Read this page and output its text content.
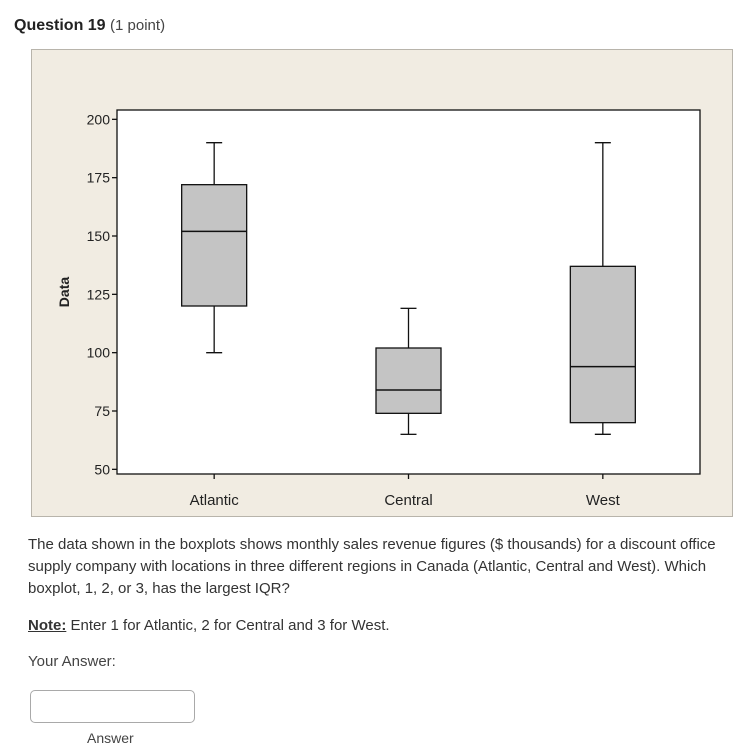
Question 19 (1 point)
50
75
100
125
150
175
200
Data
Atlantic	Central	West
The data shown in the boxplots shows monthly sales revenue figures ($ thousands) for a discount office supply company with locations in three different regions in Canada (Atlantic, Central and West). Which boxplot, 1, 2, or 3, has the largest IQR?
Note: Enter 1 for Atlantic, 2 for Central and 3 for West.
Your Answer:
Answer
